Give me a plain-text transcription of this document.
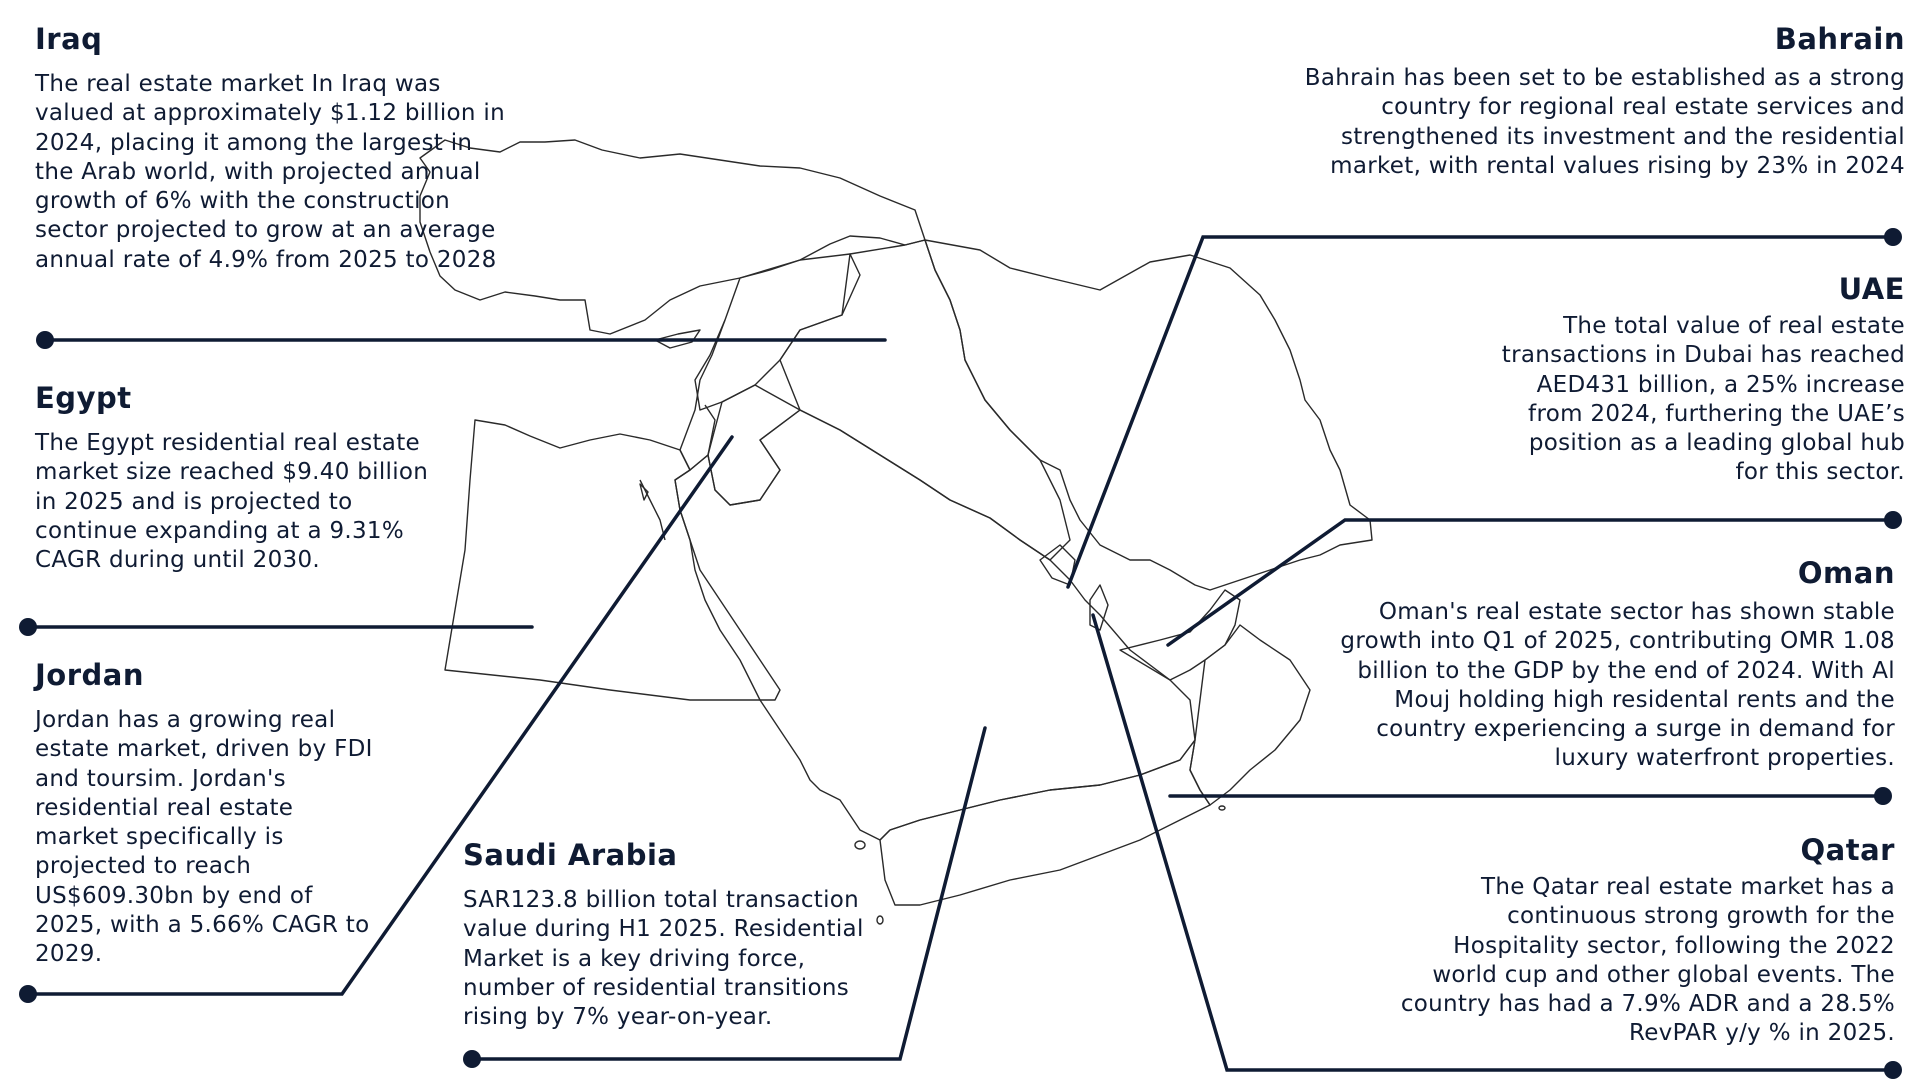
Iraq
The real estate market In Iraq was valued at approximately $1.12 billion in 2024, placing it among the largest in the Arab world, with projected annual growth of 6% with the construction sector projected to grow at an average annual rate of 4.9% from 2025 to 2028
Egypt
The Egypt residential real estate market size reached $9.40 billion in 2025 and is projected to continue expanding at a 9.31% CAGR during until 2030.
Jordan
Jordan has a growing real estate market, driven by FDI and toursim. Jordan's residential real estate market specifically is projected to reach US$609.30bn by end of 2025, with a 5.66% CAGR to 2029.
Saudi Arabia
SAR123.8 billion total transaction value during H1 2025. Residential Market is a key driving force, number of residential transitions rising by 7% year-on-year.
Bahrain
Bahrain has been set to be established as a strong country for regional real estate services and strengthened its investment and the residential market, with rental values rising by 23% in 2024
UAE
The total value of real estate transactions in Dubai has reached AED431 billion, a 25% increase from 2024, furthering the UAE’s position as a leading global hub for this sector.
Oman
Oman's real estate sector has shown stable growth into Q1 of 2025, contributing OMR 1.08 billion to the GDP by the end of 2024. With Al Mouj holding high residental rents and the country experiencing a surge in demand for luxury waterfront properties.
Qatar
The Qatar real estate market has a continuous strong growth for the Hospitality sector, following the 2022 world cup and other global events. The country has had a 7.9% ADR and a 28.5% RevPAR y/y % in 2025.
